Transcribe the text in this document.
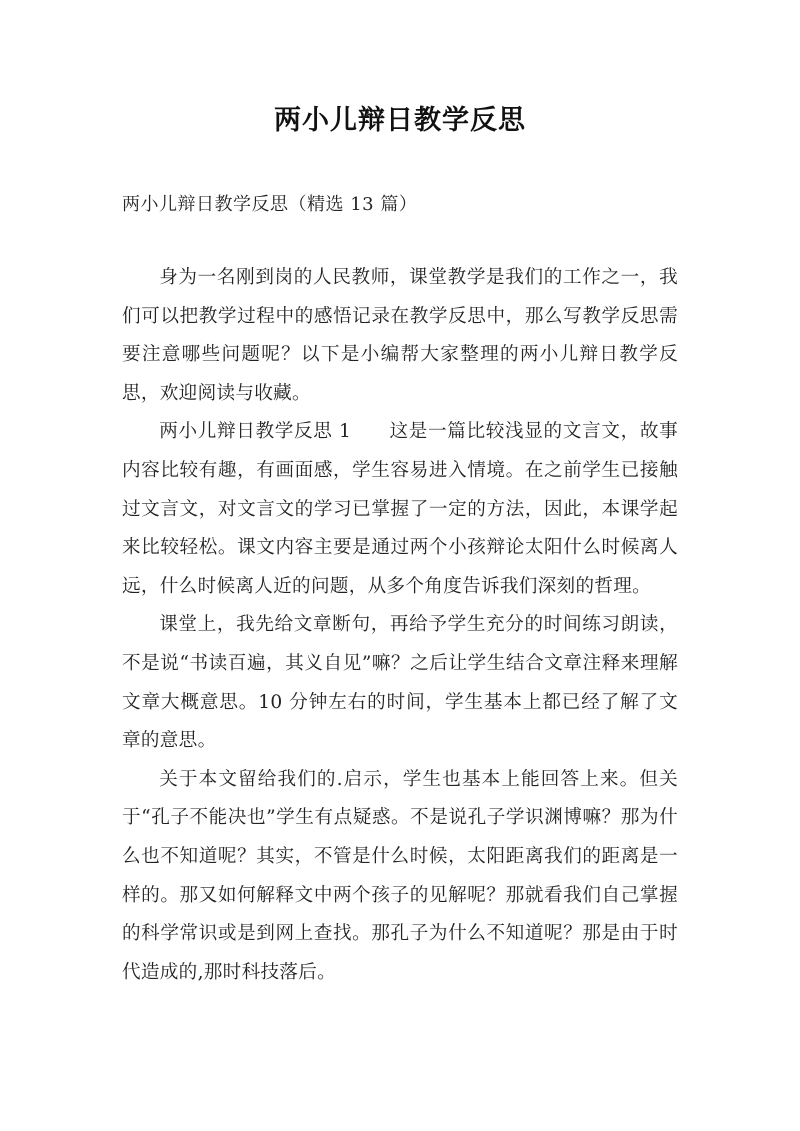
两小儿辩日教学反思
两小儿辩日教学反思（精选 13 篇）

身为一名刚到岗的人民教师，课堂教学是我们的工作之一，我们可以把教学过程中的感悟记录在教学反思中，那么写教学反思需要注意哪些问题呢？以下是小编帮大家整理的两小儿辩日教学反思，欢迎阅读与收藏。

两小儿辩日教学反思 1 这是一篇比较浅显的文言文，故事内容比较有趣，有画面感，学生容易进入情境。在之前学生已接触过文言文，对文言文的学习已掌握了一定的方法，因此，本课学起来比较轻松。课文内容主要是通过两个小孩辩论太阳什么时候离人远，什么时候离人近的问题，从多个角度告诉我们深刻的哲理。

课堂上，我先给文章断句，再给予学生充分的时间练习朗读，不是说“书读百遍，其义自见”嘛？之后让学生结合文章注释来理解文章大概意思。10 分钟左右的时间，学生基本上都已经了解了文章的意思。

关于本文留给我们的.启示，学生也基本上能回答上来。但关于“孔子不能决也”学生有点疑惑。不是说孔子学识渊博嘛？那为什么也不知道呢？其实，不管是什么时候，太阳距离我们的距离是一样的。那又如何解释文中两个孩子的见解呢？那就看我们自己掌握的科学常识或是到网上查找。那孔子为什么不知道呢？那是由于时代造成的,那时科技落后。
